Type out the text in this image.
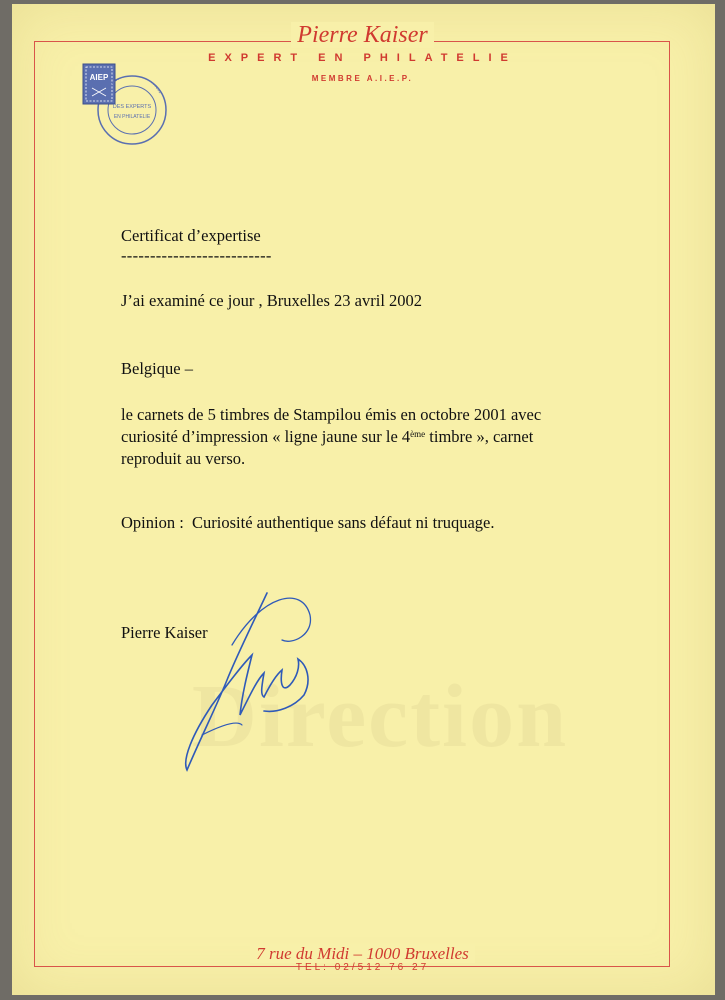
Pierre Kaiser
EXPERT EN PHILATELIE
MEMBRE A.I.E.P.
AIEP
DES EXPERTS
EN PHILATELIE
Direction
Certificat d’expertise
--------------------------
J’ai examiné ce jour , Bruxelles 23 avril 2002
Belgique –
le carnets de 5 timbres de Stampilou émis en octobre 2001 avec
curiosité d’impression « ligne jaune sur le 4ème timbre », carnet
reproduit au verso.
Opinion : Curiosité authentique sans défaut ni truquage.
Pierre Kaiser
7 rue du Midi – 1000 Bruxelles
TEL: 02/512 76 27
